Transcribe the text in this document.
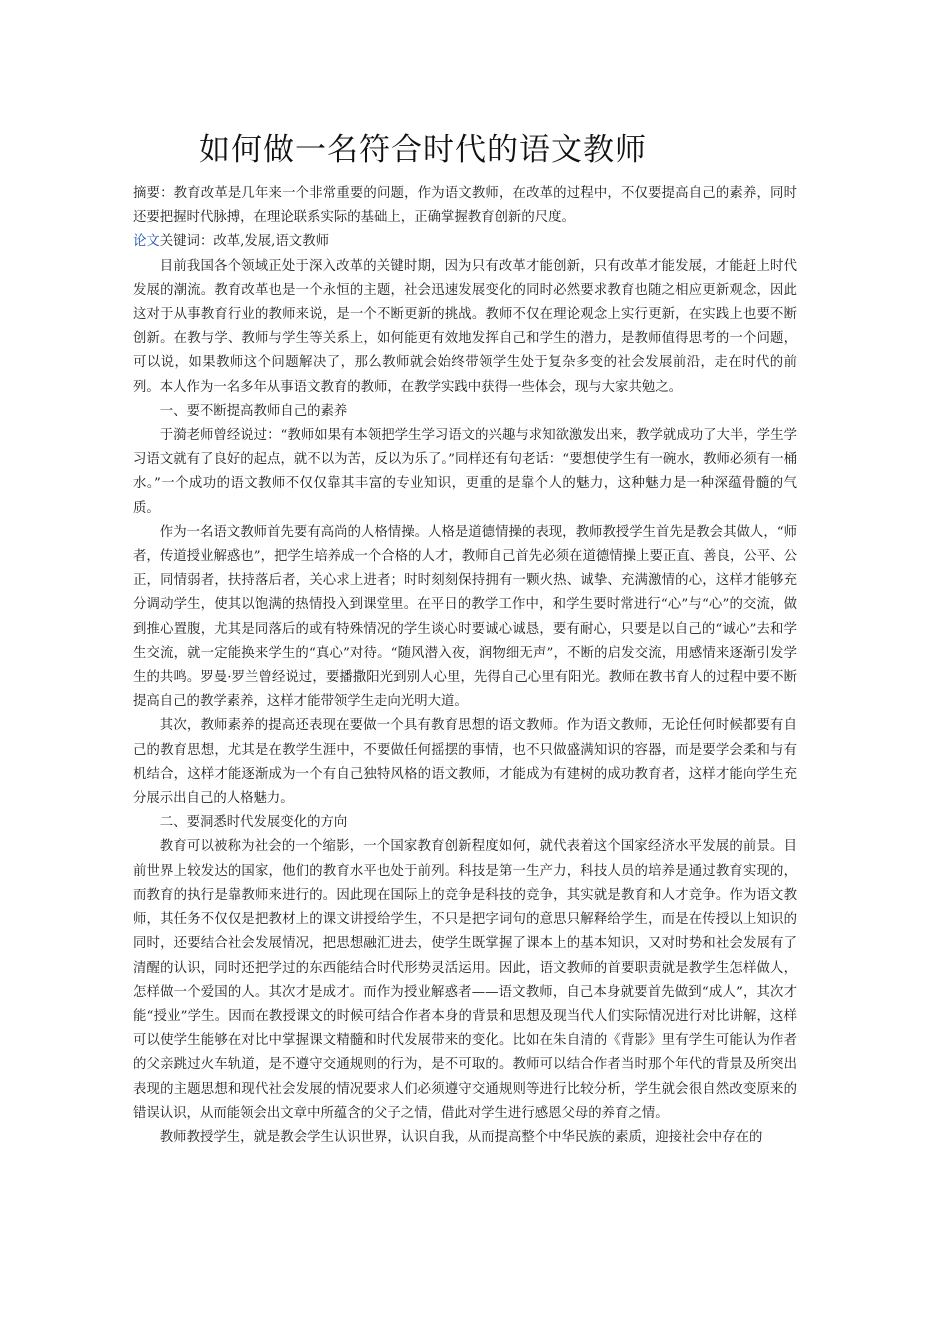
如何做一名符合时代的语文教师

摘要：教育改革是几年来一个非常重要的问题，作为语文教师，在改革的过程中，不仅要提高自己的素养，同时还要把握时代脉搏，在理论联系实际的基础上，正确掌握教育创新的尺度。

论文关键词：改革,发展,语文教师

目前我国各个领域正处于深入改革的关键时期，因为只有改革才能创新，只有改革才能发展，才能赶上时代发展的潮流。教育改革也是一个永恒的主题，社会迅速发展变化的同时必然要求教育也随之相应更新观念，因此这对于从事教育行业的教师来说，是一个不断更新的挑战。教师不仅在理论观念上实行更新，在实践上也要不断创新。在教与学、教师与学生等关系上，如何能更有效地发挥自己和学生的潜力，是教师值得思考的一个问题，可以说，如果教师这个问题解决了，那么教师就会始终带领学生处于复杂多变的社会发展前沿，走在时代的前列。本人作为一名多年从事语文教育的教师，在教学实践中获得一些体会，现与大家共勉之。

一、要不断提高教师自己的素养

于漪老师曾经说过：“教师如果有本领把学生学习语文的兴趣与求知欲激发出来，教学就成功了大半，学生学习语文就有了良好的起点，就不以为苦，反以为乐了。”同样还有句老话：“要想使学生有一碗水，教师必须有一桶水。”一个成功的语文教师不仅仅靠其丰富的专业知识，更重的是靠个人的魅力，这种魅力是一种深蕴骨髓的气质。

作为一名语文教师首先要有高尚的人格情操。人格是道德情操的表现，教师教授学生首先是教会其做人，“师者，传道授业解惑也”，把学生培养成一个合格的人才，教师自己首先必须在道德情操上要正直、善良，公平、公正，同情弱者，扶持落后者，关心求上进者；时时刻刻保持拥有一颗火热、诚挚、充满激情的心，这样才能够充分调动学生，使其以饱满的热情投入到课堂里。在平日的教学工作中，和学生要时常进行“心”与“心”的交流，做到推心置腹，尤其是同落后的或有特殊情况的学生谈心时要诚心诚恳，要有耐心，只要是以自己的“诚心”去和学生交流，就一定能换来学生的“真心”对待。“随风潜入夜，润物细无声”，不断的启发交流，用感情来逐渐引发学生的共鸣。罗曼·罗兰曾经说过，要播撒阳光到别人心里，先得自己心里有阳光。教师在教书育人的过程中要不断提高自己的教学素养，这样才能带领学生走向光明大道。

其次，教师素养的提高还表现在要做一个具有教育思想的语文教师。作为语文教师，无论任何时候都要有自己的教育思想，尤其是在教学生涯中，不要做任何摇摆的事情，也不只做盛满知识的容器，而是要学会柔和与有机结合，这样才能逐渐成为一个有自己独特风格的语文教师，才能成为有建树的成功教育者，这样才能向学生充分展示出自己的人格魅力。

二、要洞悉时代发展变化的方向

教育可以被称为社会的一个缩影，一个国家教育创新程度如何，就代表着这个国家经济水平发展的前景。目前世界上较发达的国家，他们的教育水平也处于前列。科技是第一生产力，科技人员的培养是通过教育实现的，而教育的执行是靠教师来进行的。因此现在国际上的竞争是科技的竞争，其实就是教育和人才竞争。作为语文教师，其任务不仅仅是把教材上的课文讲授给学生，不只是把字词句的意思只解释给学生，而是在传授以上知识的同时，还要结合社会发展情况，把思想融汇进去，使学生既掌握了课本上的基本知识，又对时势和社会发展有了清醒的认识，同时还把学过的东西能结合时代形势灵活运用。因此，语文教师的首要职责就是教学生怎样做人，怎样做一个爱国的人。其次才是成才。而作为授业解惑者——语文教师，自己本身就要首先做到“成人”，其次才能“授业”学生。因而在教授课文的时候可结合作者本身的背景和思想及现当代人们实际情况进行对比讲解，这样可以使学生能够在对比中掌握课文精髓和时代发展带来的变化。比如在朱自清的《背影》里有学生可能认为作者的父亲跳过火车轨道，是不遵守交通规则的行为，是不可取的。教师可以结合作者当时那个年代的背景及所突出表现的主题思想和现代社会发展的情况要求人们必须遵守交通规则等进行比较分析，学生就会很自然改变原来的错误认识，从而能领会出文章中所蕴含的父子之情，借此对学生进行感恩父母的养育之情。

教师教授学生，就是教会学生认识世界，认识自我，从而提高整个中华民族的素质，迎接社会中存在的
